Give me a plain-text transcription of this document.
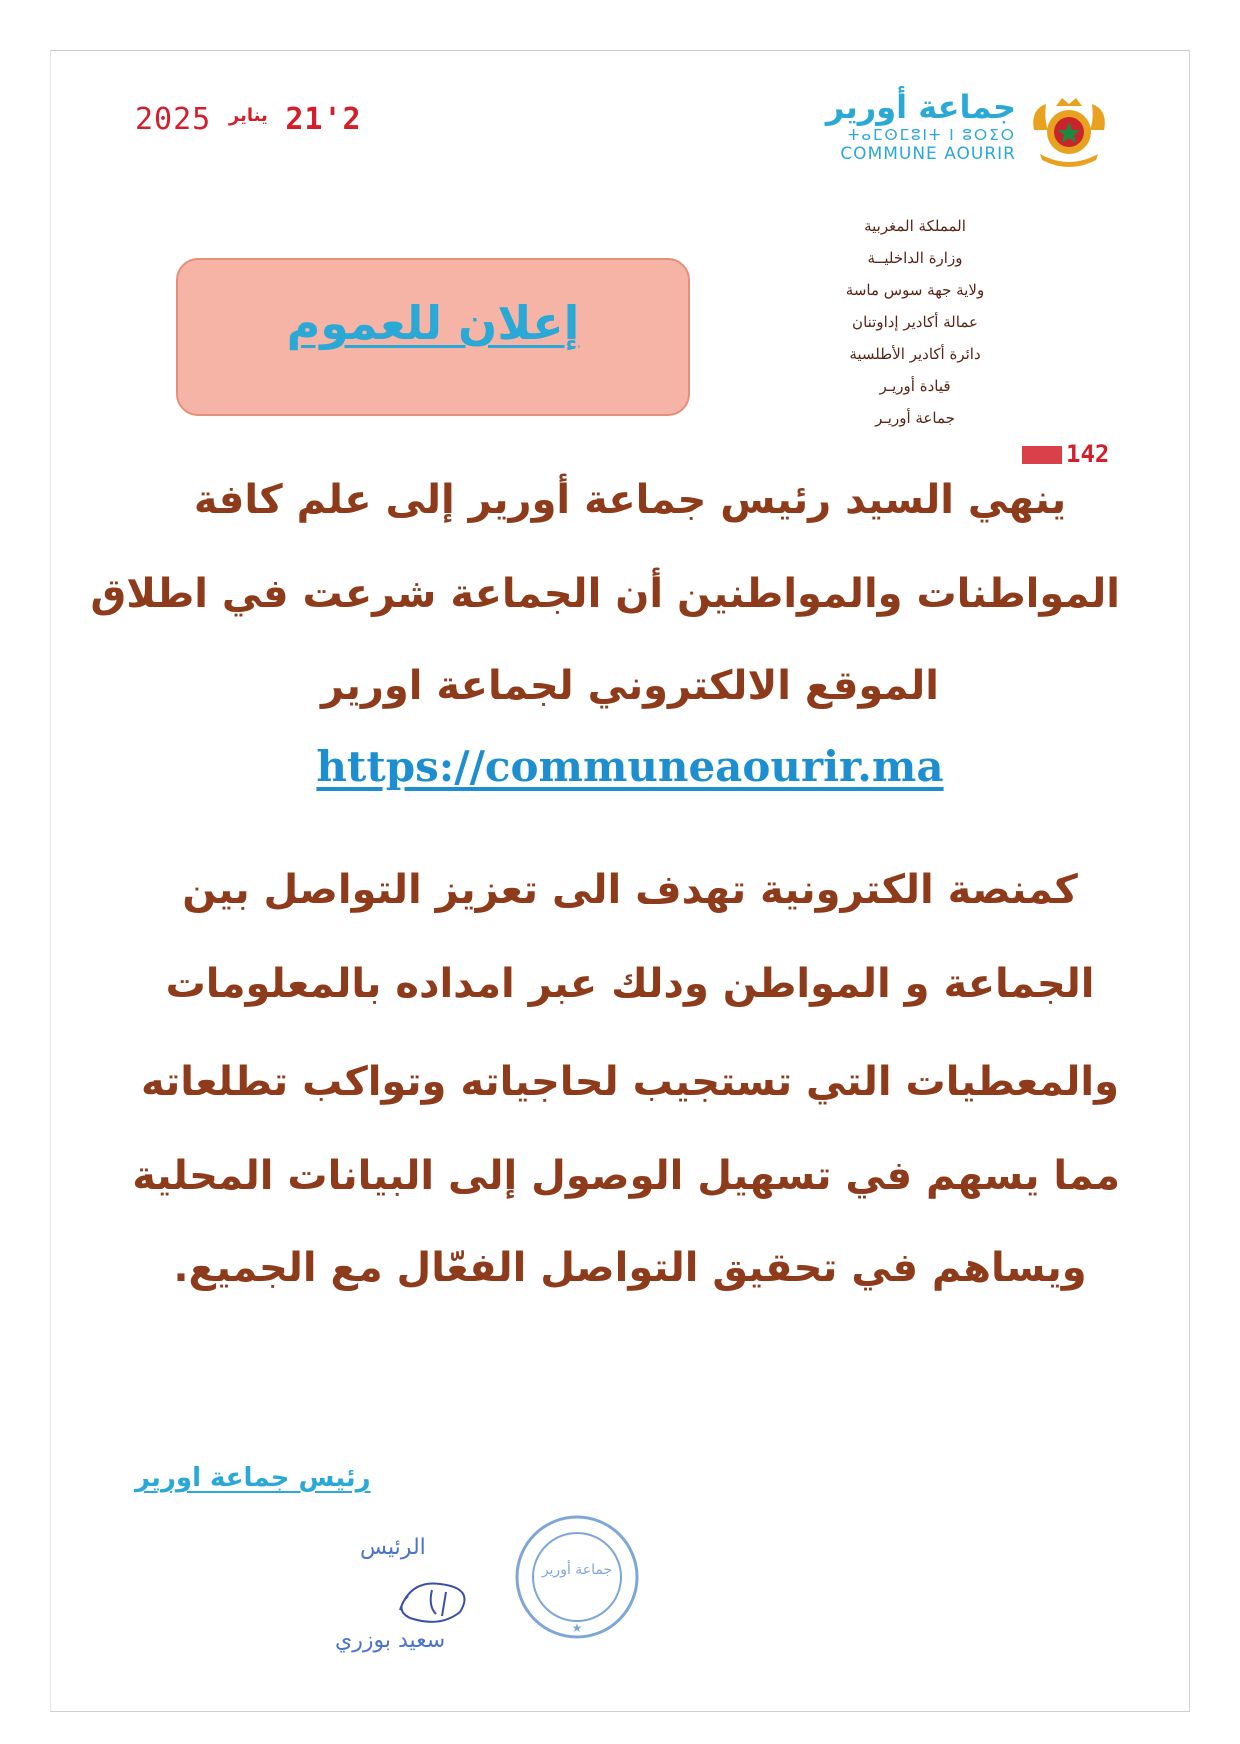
2'21 يناير 2025	جماعة أورير
ⵜⴰⵎⵙⵎⵓⵏⵜ ⵏ ⵓⵔⵉⵔ
COMMUNE AOURIR
المملكة المغربية
وزارة الداخليــة
ولاية جهة سوس ماسة
عمالة أكادير إداوتنان
دائرة أكادير الأطلسية
قيادة أوريـر
جماعة أوريـر
142
إعلان للعموم
ينهي السيد رئيس جماعة أورير إلى علم كافة
المواطنات والمواطنين أن الجماعة شرعت في اطلاق
الموقع الالكتروني لجماعة اورير
https://communeaourir.ma
كمنصة الكترونية تهدف الى تعزيز التواصل بين
الجماعة و المواطن ودلك عبر امداده بالمعلومات
والمعطيات التي تستجيب لحاجياته وتواكب تطلعاته
مما يسهم في تسهيل الوصول إلى البيانات المحلية
ويساهم في تحقيق التواصل الفعّال مع الجميع.
رئيس جماعة اورير
الرئيس
سعيد بوزري
جماعة أورير
★
